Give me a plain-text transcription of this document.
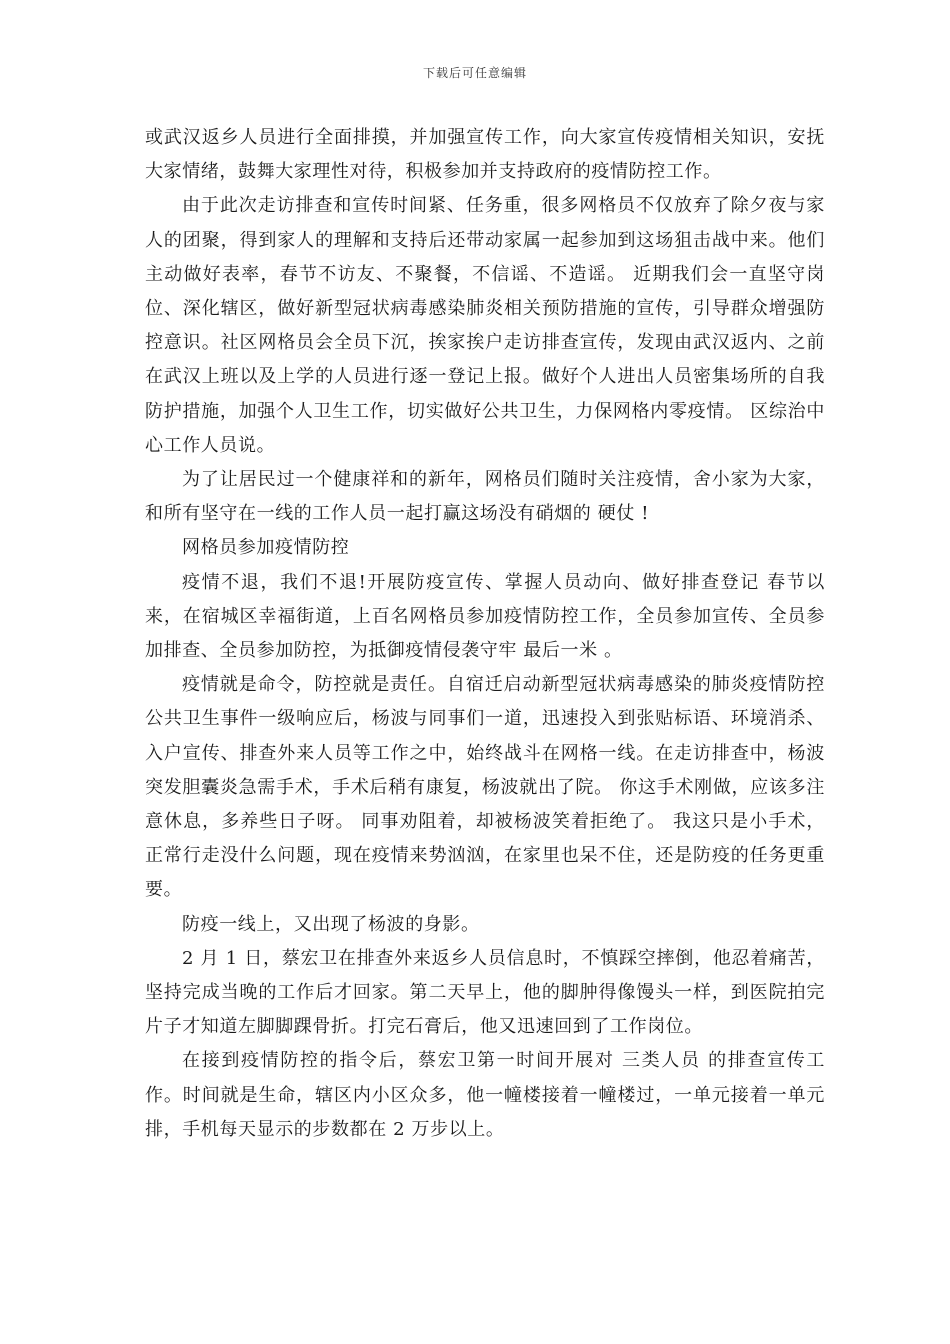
下载后可任意编辑

或武汉返乡人员进行全面排摸，并加强宣传工作，向大家宣传疫情相关知识，安抚大家情绪，鼓舞大家理性对待，积极参加并支持政府的疫情防控工作。

由于此次走访排查和宣传时间紧、任务重，很多网格员不仅放弃了除夕夜与家人的团聚，得到家人的理解和支持后还带动家属一起参加到这场狙击战中来。他们主动做好表率，春节不访友、不聚餐，不信谣、不造谣。 近期我们会一直坚守岗位、深化辖区，做好新型冠状病毒感染肺炎相关预防措施的宣传，引导群众增强防控意识。社区网格员会全员下沉，挨家挨户走访排查宣传，发现由武汉返内、之前在武汉上班以及上学的人员进行逐一登记上报。做好个人进出人员密集场所的自我防护措施，加强个人卫生工作，切实做好公共卫生，力保网格内零疫情。 区综治中心工作人员说。

为了让居民过一个健康祥和的新年，网格员们随时关注疫情，舍小家为大家，和所有坚守在一线的工作人员一起打赢这场没有硝烟的 硬仗 !

网格员参加疫情防控

疫情不退，我们不退!开展防疫宣传、掌握人员动向、做好排查登记 春节以来，在宿城区幸福街道，上百名网格员参加疫情防控工作，全员参加宣传、全员参加排查、全员参加防控，为抵御疫情侵袭守牢 最后一米 。

疫情就是命令，防控就是责任。自宿迁启动新型冠状病毒感染的肺炎疫情防控公共卫生事件一级响应后，杨波与同事们一道，迅速投入到张贴标语、环境消杀、入户宣传、排查外来人员等工作之中，始终战斗在网格一线。在走访排查中，杨波突发胆囊炎急需手术，手术后稍有康复，杨波就出了院。 你这手术刚做，应该多注意休息，多养些日子呀。 同事劝阻着，却被杨波笑着拒绝了。 我这只是小手术，正常行走没什么问题，现在疫情来势汹汹，在家里也呆不住，还是防疫的任务更重要。

防疫一线上，又出现了杨波的身影。

2 月 1 日，蔡宏卫在排查外来返乡人员信息时，不慎踩空摔倒，他忍着痛苦，坚持完成当晚的工作后才回家。第二天早上，他的脚肿得像馒头一样，到医院拍完片子才知道左脚脚踝骨折。打完石膏后，他又迅速回到了工作岗位。

在接到疫情防控的指令后，蔡宏卫第一时间开展对 三类人员 的排查宣传工作。时间就是生命，辖区内小区众多，他一幢楼接着一幢楼过，一单元接着一单元排，手机每天显示的步数都在 2 万步以上。
